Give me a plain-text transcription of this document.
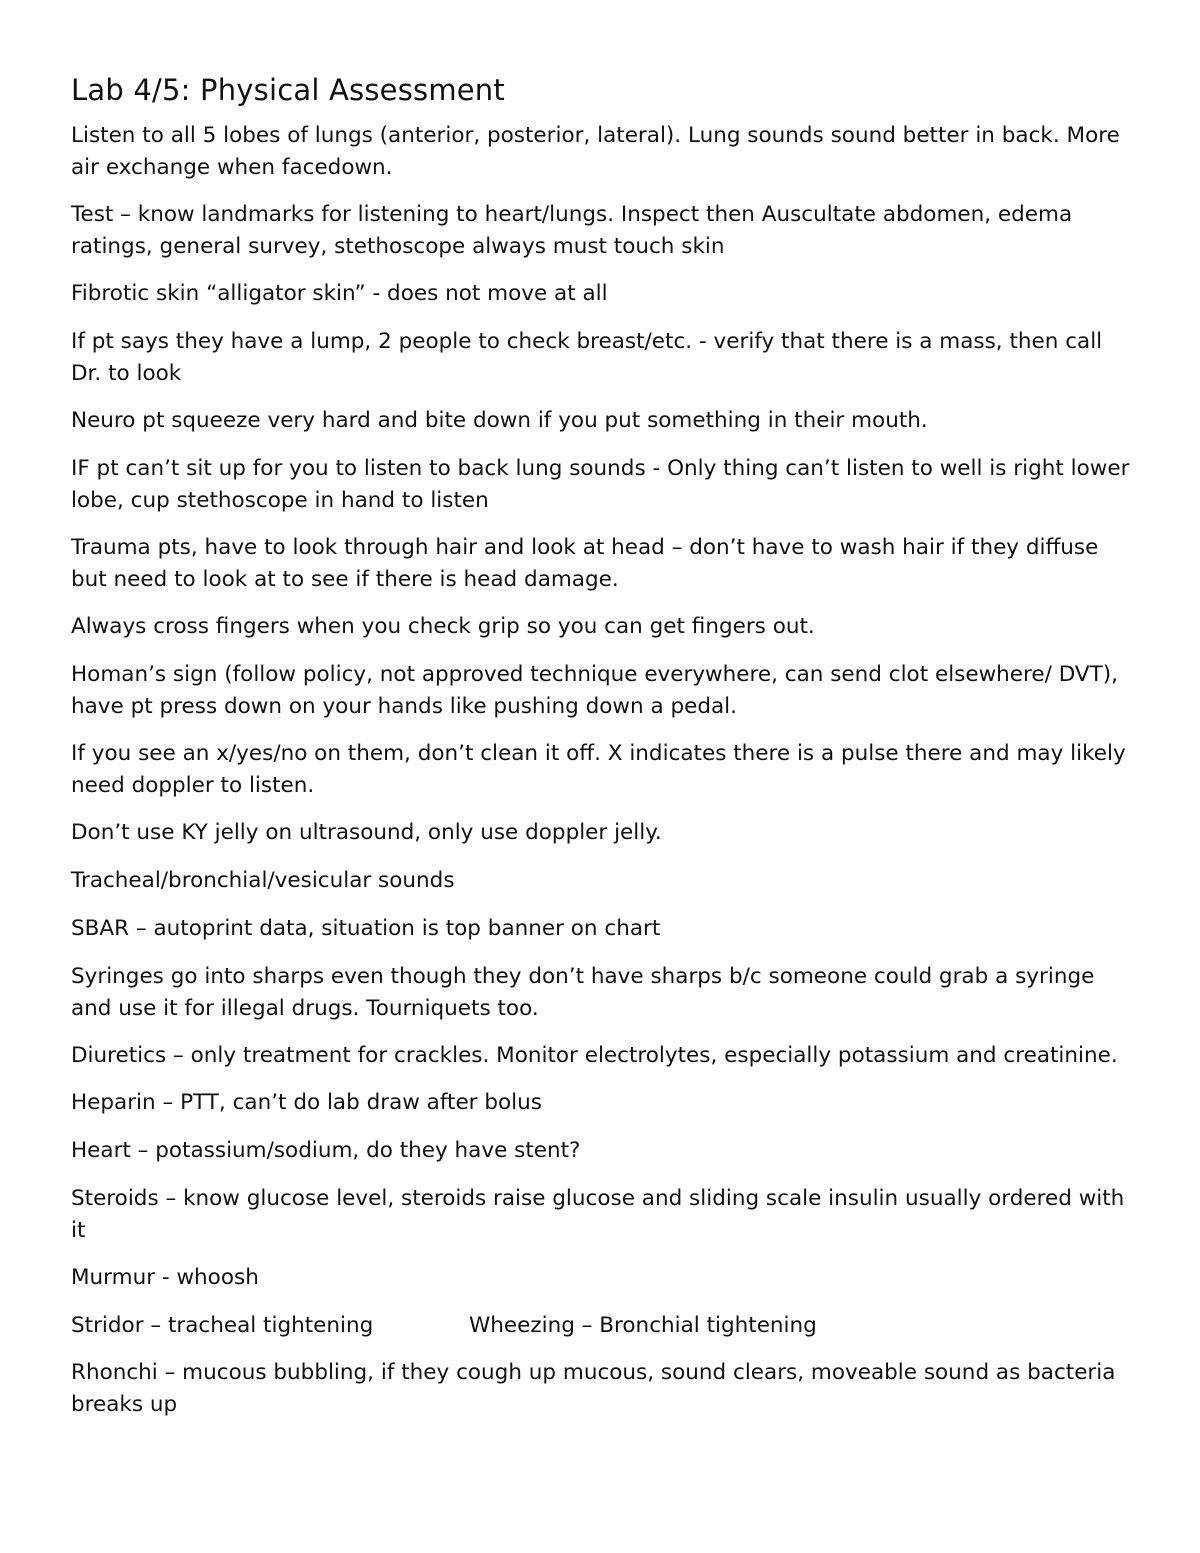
Lab 4/5: Physical Assessment

Listen to all 5 lobes of lungs (anterior, posterior, lateral). Lung sounds sound better in back. More air exchange when facedown.

Test – know landmarks for listening to heart/lungs. Inspect then Auscultate abdomen, edema ratings, general survey, stethoscope always must touch skin

Fibrotic skin “alligator skin” - does not move at all

If pt says they have a lump, 2 people to check breast/etc. - verify that there is a mass, then call Dr. to look

Neuro pt squeeze very hard and bite down if you put something in their mouth.

IF pt can’t sit up for you to listen to back lung sounds - Only thing can’t listen to well is right lower lobe, cup stethoscope in hand to listen

Trauma pts, have to look through hair and look at head – don’t have to wash hair if they diffuse but need to look at to see if there is head damage.

Always cross fingers when you check grip so you can get fingers out.

Homan’s sign (follow policy, not approved technique everywhere, can send clot elsewhere/ DVT), have pt press down on your hands like pushing down a pedal.

If you see an x/yes/no on them, don’t clean it off. X indicates there is a pulse there and may likely need doppler to listen.

Don’t use KY jelly on ultrasound, only use doppler jelly.

Tracheal/bronchial/vesicular sounds

SBAR – autoprint data, situation is top banner on chart

Syringes go into sharps even though they don’t have sharps b/c someone could grab a syringe and use it for illegal drugs. Tourniquets too.

Diuretics – only treatment for crackles. Monitor electrolytes, especially potassium and creatinine.

Heparin – PTT, can’t do lab draw after bolus

Heart – potassium/sodium, do they have stent?

Steroids – know glucose level, steroids raise glucose and sliding scale insulin usually ordered with it

Murmur - whoosh

Stridor – tracheal tightening	Wheezing – Bronchial tightening

Rhonchi – mucous bubbling, if they cough up mucous, sound clears, moveable sound as bacteria breaks up
